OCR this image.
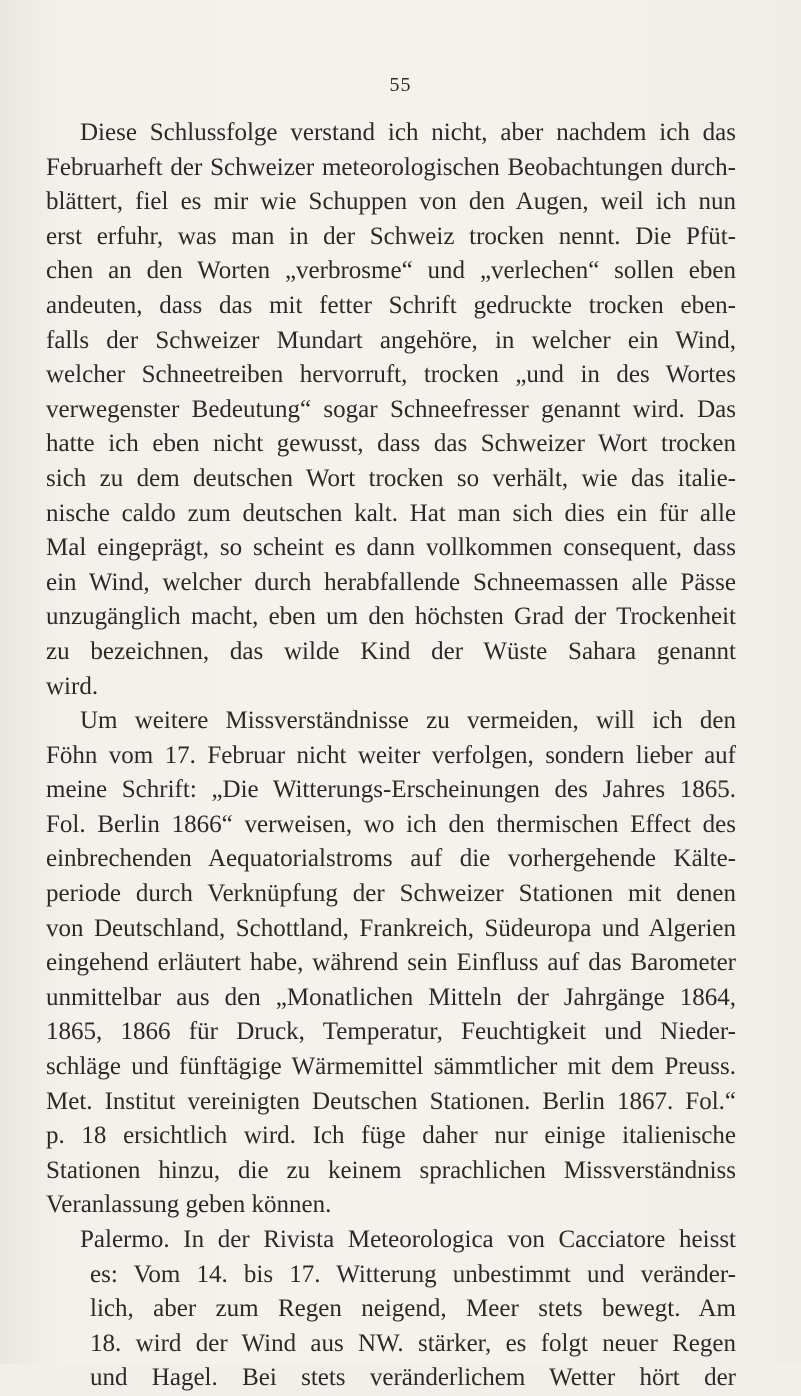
55
Diese Schlussfolge verstand ich nicht, aber nachdem ich das
Februarheft der Schweizer meteorologischen Beobachtungen durch-
blättert, fiel es mir wie Schuppen von den Augen, weil ich nun
erst erfuhr, was man in der Schweiz trocken nennt. Die Pfüt-
chen an den Worten „verbrosme“ und „verlechen“ sollen eben
andeuten, dass das mit fetter Schrift gedruckte trocken eben-
falls der Schweizer Mundart angehöre, in welcher ein Wind,
welcher Schneetreiben hervorruft, trocken „und in des Wortes
verwegenster Bedeutung“ sogar Schneefresser genannt wird. Das
hatte ich eben nicht gewusst, dass das Schweizer Wort trocken
sich zu dem deutschen Wort trocken so verhält, wie das italie-
nische caldo zum deutschen kalt. Hat man sich dies ein für alle
Mal eingeprägt, so scheint es dann vollkommen consequent, dass
ein Wind, welcher durch herabfallende Schneemassen alle Pässe
unzugänglich macht, eben um den höchsten Grad der Trockenheit
zu bezeichnen, das wilde Kind der Wüste Sahara genannt
wird.
Um weitere Missverständnisse zu vermeiden, will ich den
Föhn vom 17. Februar nicht weiter verfolgen, sondern lieber auf
meine Schrift: „Die Witterungs-Erscheinungen des Jahres 1865.
Fol. Berlin 1866“ verweisen, wo ich den thermischen Effect des
einbrechenden Aequatorialstroms auf die vorhergehende Kälte-
periode durch Verknüpfung der Schweizer Stationen mit denen
von Deutschland, Schottland, Frankreich, Südeuropa und Algerien
eingehend erläutert habe, während sein Einfluss auf das Barometer
unmittelbar aus den „Monatlichen Mitteln der Jahrgänge 1864,
1865, 1866 für Druck, Temperatur, Feuchtigkeit und Nieder-
schläge und fünftägige Wärmemittel sämmtlicher mit dem Preuss.
Met. Institut vereinigten Deutschen Stationen. Berlin 1867. Fol.“
p. 18 ersichtlich wird. Ich füge daher nur einige italienische
Stationen hinzu, die zu keinem sprachlichen Missverständniss
Veranlassung geben können.
Palermo. In der Rivista Meteorologica von Cacciatore heisst
es: Vom 14. bis 17. Witterung unbestimmt und veränder-
lich, aber zum Regen neigend, Meer stets bewegt. Am
18. wird der Wind aus NW. stärker, es folgt neuer Regen
und Hagel. Bei stets veränderlichem Wetter hört der
